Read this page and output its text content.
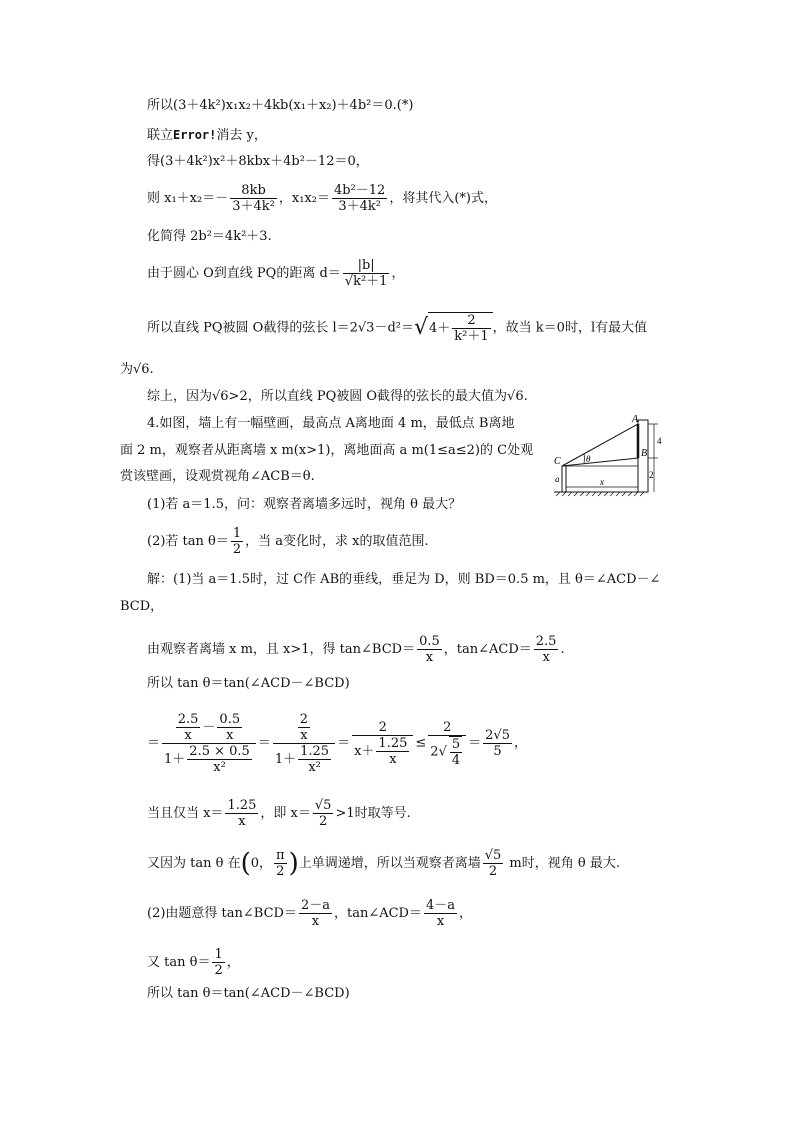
所以(3＋4k²)x₁x₂＋4kb(x₁＋x₂)＋4b²＝0.(*)
联立Error!消去 y，
得(3＋4k²)x²＋8kbx＋4b²－12＝0，
则 $x_1+x_2=- \frac{8kb}{\text{3＋4k²}}$ ，$x_1x_2= \frac{\text{4b²－12}}{\text{3＋4k²}}$ ，将其代入(*)式，
化简得 2b²＝4k²＋3.
由于圆心 O到直线 PQ的距离 $d= \frac{|b|}{\text{√k²＋1}}$ ，
所以直线 PQ被圆 O截得的弦长 $l=2√3-d^2=√4+ \frac{2}{\text{k²＋1}}$ ，故当 k＝0时，l有最大值
为√6.
综上，因为√6>2，所以直线 PQ被圆 O截得的弦长的最大值为√6.
4.如图，墙上有一幅壁画，最高点 A离地面 4 m，最低点 B离地
面 2 m，观察者从距离墙 x m(x>1)，离地面高 a m(1≤a≤2)的 C处观
赏该壁画，设观赏视角∠ACB＝θ.
(1)若 a＝1.5，问：观察者离墙多远时，视角 θ 最大？
(2)若 $\tan \theta= \frac{1}{2}$ ，当 a变化时，求 x的取值范围.
A
B
C	θ
4
2
x
a
解：(1)当 a＝1.5时，过 C作 AB的垂线，垂足为 D，则 BD＝0.5 m，且 θ＝∠ACD－∠
BCD，
由观察者离墙 x m，且 x>1，得 tan∠BCD＝ $\frac{0.5}{x}$ ，tan∠ACD＝ $\frac{2.5}{x}$ .
所以 tan θ＝tan(∠ACD－∠BCD)
＝ $\frac{\frac{2.5}{x} - \frac{0.5}{x}}{1+ \frac{2.5 \times 0.5}{\text{x²}}} = \frac{\frac{2}{x}}{1+ \frac{1.25}{\text{x²}}} = \frac{2}{x+ \frac{1.25}{x}} \le \frac{2}{2√ \frac{5}{4}} = \frac{2√5}{5}$ ，
当且仅当 $x= \frac{1.25}{x}$ ，即 $x= \frac{√5}{2} >1$时取等号.
又因为 tan θ 在(0， $\frac{\pi}{2}$ )上单调递增，所以当观察者离墙 $\frac{√5}{2}$ m时，视角 θ 最大.
(2)由题意得 tan∠BCD＝ $\frac{2-a}{x}$ ，tan∠ACD＝ $\frac{4-a}{x}$ ，
又 $\tan \theta= \frac{1}{2}$ ，
所以 tan θ＝tan(∠ACD－∠BCD)
